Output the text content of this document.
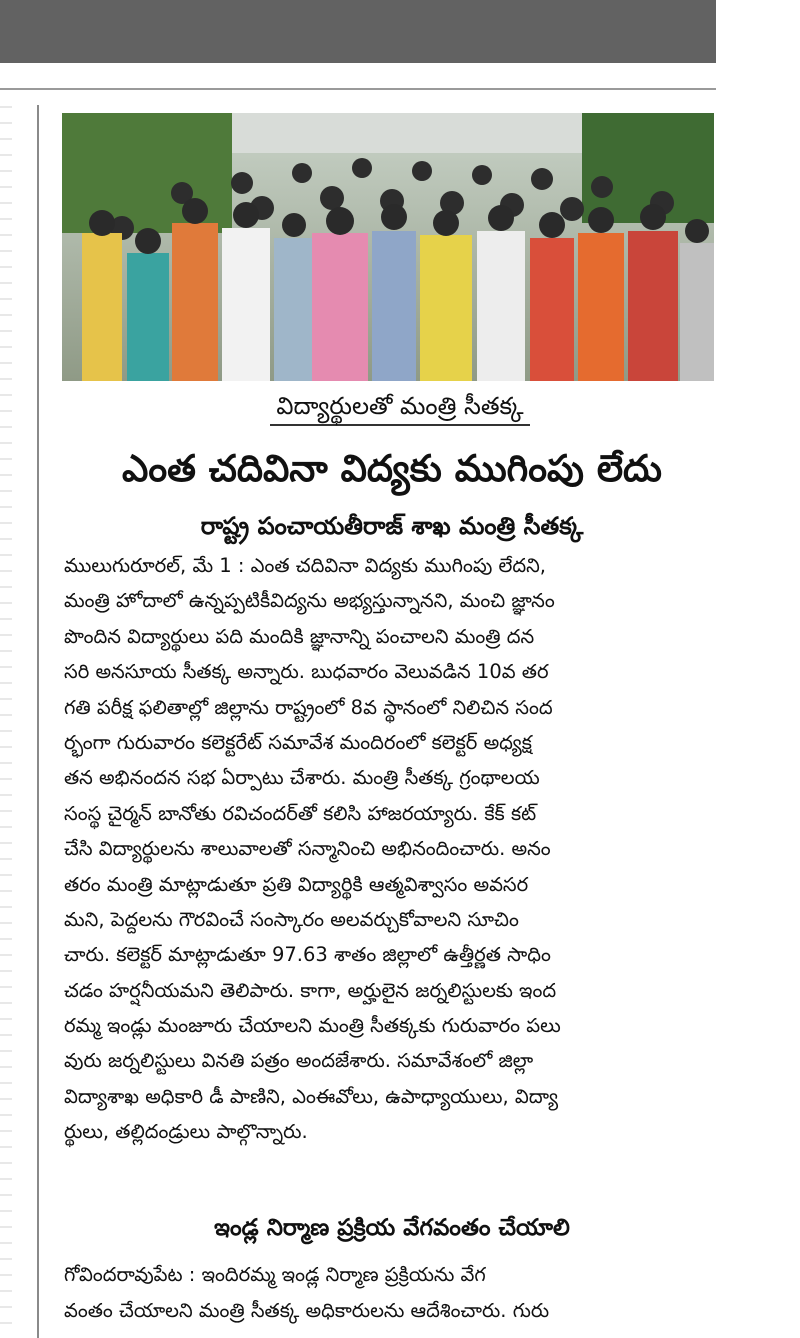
విద్యార్థులతో మంత్రి సీతక్క
ఎంత చదివినా విద్యకు ముగింపు లేదు
రాష్ట్ర పంచాయతీరాజ్ శాఖ మంత్రి సీతక్క
ములుగురూరల్, మే 1 : ఎంత చదివినా విద్యకు ముగింపు లేదని,
మంత్రి హోదాలో ఉన్నప్పటికీవిద్యను అభ్యస్తున్నానని, మంచి జ్ఞానం
పొందిన విద్యార్థులు పది మందికి జ్ఞానాన్ని పంచాలని మంత్రి దన
సరి అనసూయ సీతక్క అన్నారు. బుధవారం వెలువడిన 10వ తర
గతి పరీక్ష ఫలితాల్లో జిల్లాను రాష్ట్రంలో 8వ స్థానంలో నిలిచిన సంద
ర్భంగా గురువారం కలెక్టరేట్ సమావేశ మందిరంలో కలెక్టర్ అధ్యక్ష
తన అభినందన సభ ఏర్పాటు చేశారు. మంత్రి సీతక్క గ్రంథాలయ
సంస్థ చైర్మన్ బానోతు రవిచందర్‌తో కలిసి హాజరయ్యారు. కేక్ కట్
చేసి విద్యార్థులను శాలువాలతో సన్మానించి అభినందించారు. అనం
తరం మంత్రి మాట్లాడుతూ ప్రతి విద్యార్థికి ఆత్మవిశ్వాసం అవసర
మని, పెద్దలను గౌరవించే సంస్కారం అలవర్చుకోవాలని సూచిం
చారు. కలెక్టర్ మాట్లాడుతూ 97.63 శాతం జిల్లాలో ఉత్తీర్ణత సాధిం
చడం హర్షనీయమని తెలిపారు. కాగా, అర్హులైన జర్నలిస్టులకు ఇంద
రమ్మ ఇండ్లు మంజూరు చేయాలని మంత్రి సీతక్కకు గురువారం పలు
వురు జర్నలిస్టులు వినతి పత్రం అందజేశారు. సమావేశంలో జిల్లా
విద్యాశాఖ అధికారి డీ పాణిని, ఎంఈవోలు, ఉపాధ్యాయులు, విద్యా
ర్థులు, తల్లిదండ్రులు పాల్గొన్నారు.
ఇండ్ల నిర్మాణ ప్రక్రియ వేగవంతం చేయాలి
గోవిందరావుపేట : ఇందిరమ్మ ఇండ్ల నిర్మాణ ప్రక్రియను వేగ
వంతం చేయాలని మంత్రి సీతక్క అధికారులను ఆదేశించారు. గురు
